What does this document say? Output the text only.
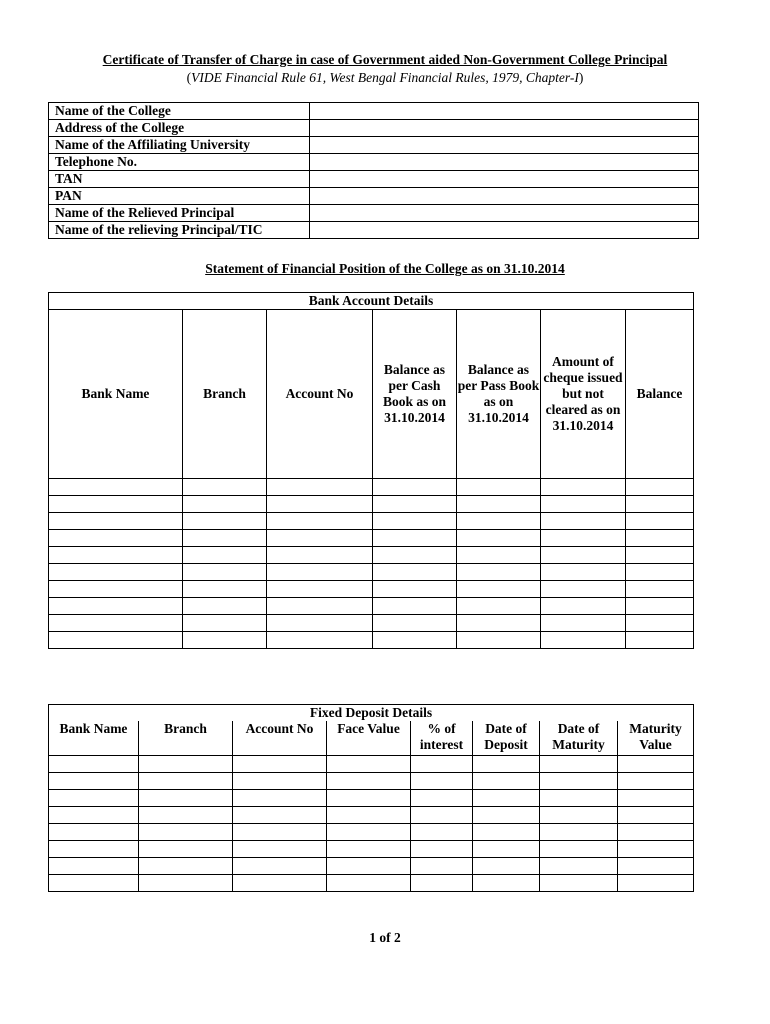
Certificate of Transfer of Charge in case of Government aided Non-Government College Principal
(VIDE Financial Rule 61, West Bengal Financial Rules, 1979, Chapter-I)
Name of the College	
Address of the College	
Name of the Affiliating University	
Telephone No.	
TAN	
PAN	
Name of the Relieved Principal	
Name of the relieving Principal/TIC	
Statement of Financial Position of the College as on 31.10.2014
Bank Account Details						
Bank Name	Branch	Account No	Balance as per Cash Book as on 31.10.2014	Balance as per Pass Book as on 31.10.2014	Amount of cheque issued but not cleared as on 31.10.2014	Balance

Fixed Deposit Details							
Bank Name	Branch	Account No	Face Value	% of interest	Date of Deposit	Date of Maturity	Maturity Value

1 of 2
